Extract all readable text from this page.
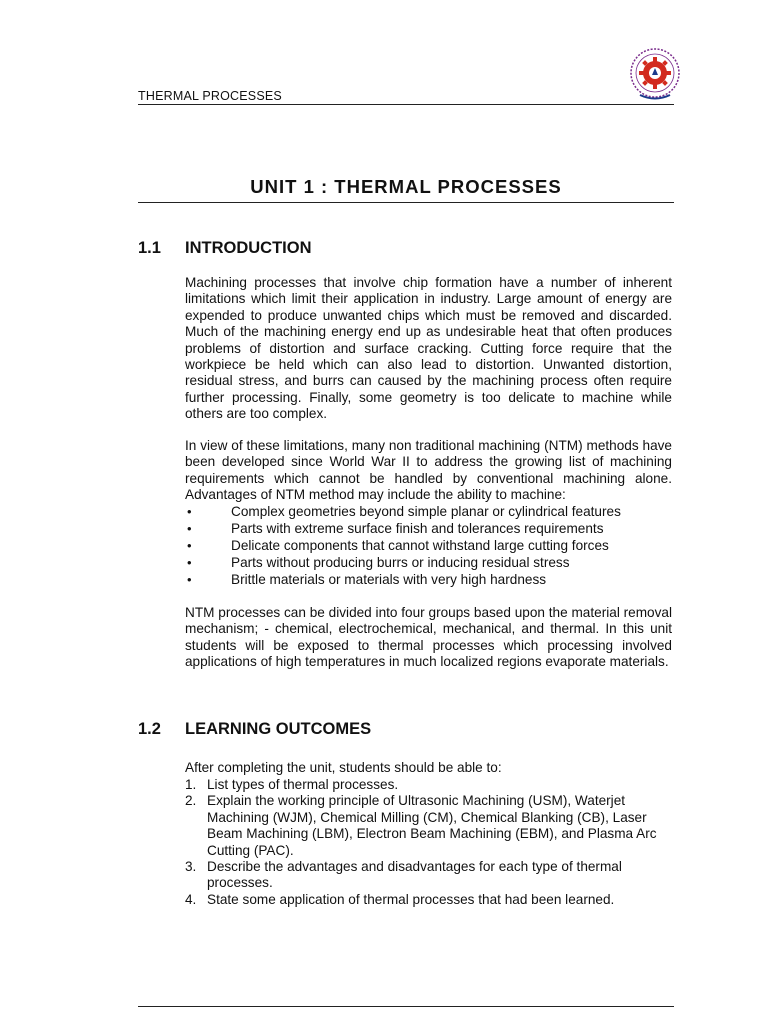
THERMAL PROCESSES
UNIT 1 : THERMAL PROCESSES
1.1 INTRODUCTION

Machining processes that involve chip formation have a number of inherent limitations which limit their application in industry. Large amount of energy are expended to produce unwanted chips which must be removed and discarded. Much of the machining energy end up as undesirable heat that often produces problems of distortion and surface cracking. Cutting force require that the workpiece be held which can also lead to distortion. Unwanted distortion, residual stress, and burrs can caused by the machining process often require further processing. Finally, some geometry is too delicate to machine while others are too complex.

In view of these limitations, many non traditional machining (NTM) methods have been developed since World War II to address the growing list of machining requirements which cannot be handled by conventional machining alone. Advantages of NTM method may include the ability to machine:

•	Complex geometries beyond simple planar or cylindrical features
•	Parts with extreme surface finish and tolerances requirements
•	Delicate components that cannot withstand large cutting forces
•	Parts without producing burrs or inducing residual stress
•	Brittle materials or materials with very high hardness

NTM processes can be divided into four groups based upon the material removal mechanism; - chemical, electrochemical, mechanical, and thermal. In this unit students will be exposed to thermal processes which processing involved applications of high temperatures in much localized regions evaporate materials.

1.2 LEARNING OUTCOMES

After completing the unit, students should be able to:

1. List types of thermal processes.
2. Explain the working principle of Ultrasonic Machining (USM), Waterjet Machining (WJM), Chemical Milling (CM), Chemical Blanking (CB), Laser Beam Machining (LBM), Electron Beam Machining (EBM), and Plasma Arc Cutting (PAC).
3. Describe the advantages and disadvantages for each type of thermal processes.
4. State some application of thermal processes that had been learned.
